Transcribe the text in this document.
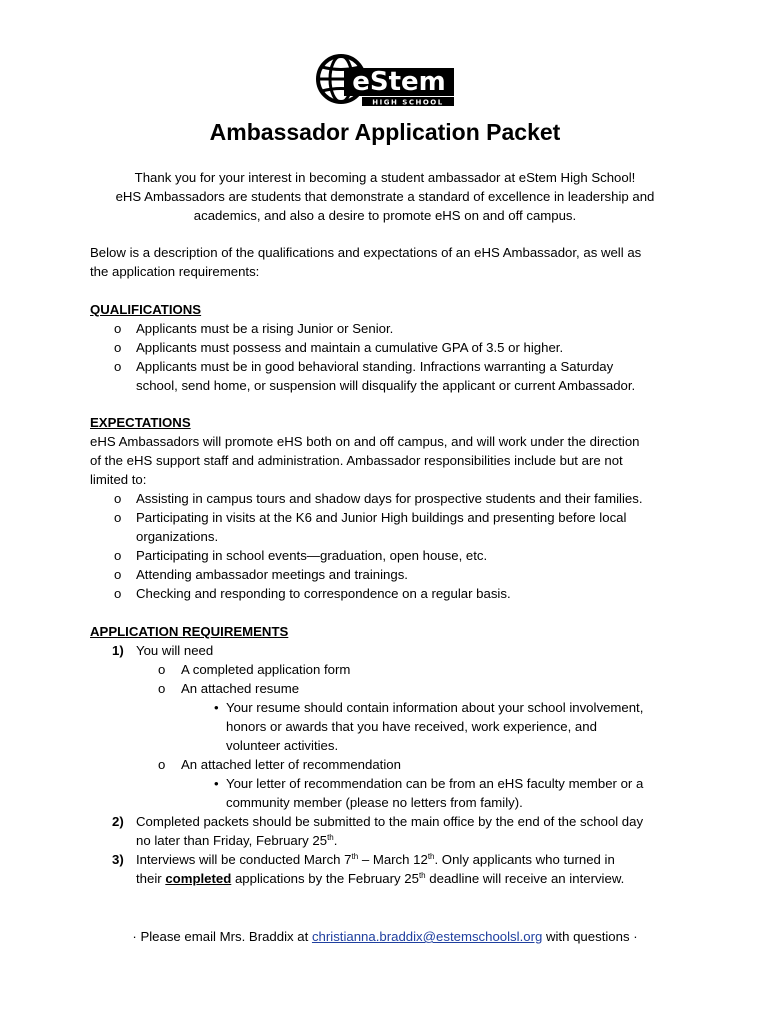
eStem
HIGH SCHOOL
Ambassador Application Packet
Thank you for your interest in becoming a student ambassador at eStem High School!
eHS Ambassadors are students that demonstrate a standard of excellence in leadership and
academics, and also a desire to promote eHS on and off campus.
Below is a description of the qualifications and expectations of an eHS Ambassador, as well as
the application requirements:
QUALIFICATIONS
o Applicants must be a rising Junior or Senior.
o Applicants must possess and maintain a cumulative GPA of 3.5 or higher.
o Applicants must be in good behavioral standing. Infractions warranting a Saturday
school, send home, or suspension will disqualify the applicant or current Ambassador.
EXPECTATIONS
eHS Ambassadors will promote eHS both on and off campus, and will work under the direction
of the eHS support staff and administration. Ambassador responsibilities include but are not
limited to:
o Assisting in campus tours and shadow days for prospective students and their families.
o Participating in visits at the K6 and Junior High buildings and presenting before local
organizations.
o Participating in school events—graduation, open house, etc.
o Attending ambassador meetings and trainings.
o Checking and responding to correspondence on a regular basis.
APPLICATION REQUIREMENTS
1) You will need
o A completed application form
o An attached resume
• Your resume should contain information about your school involvement,
honors or awards that you have received, work experience, and
volunteer activities.
o An attached letter of recommendation
• Your letter of recommendation can be from an eHS faculty member or a
community member (please no letters from family).
2) Completed packets should be submitted to the main office by the end of the school day
no later than Friday, February 25th.
3) Interviews will be conducted March 7th – March 12th. Only applicants who turned in
their completed applications by the February 25th deadline will receive an interview.
· Please email Mrs. Braddix at christianna.braddix@estemschoolsl.org with questions ·
